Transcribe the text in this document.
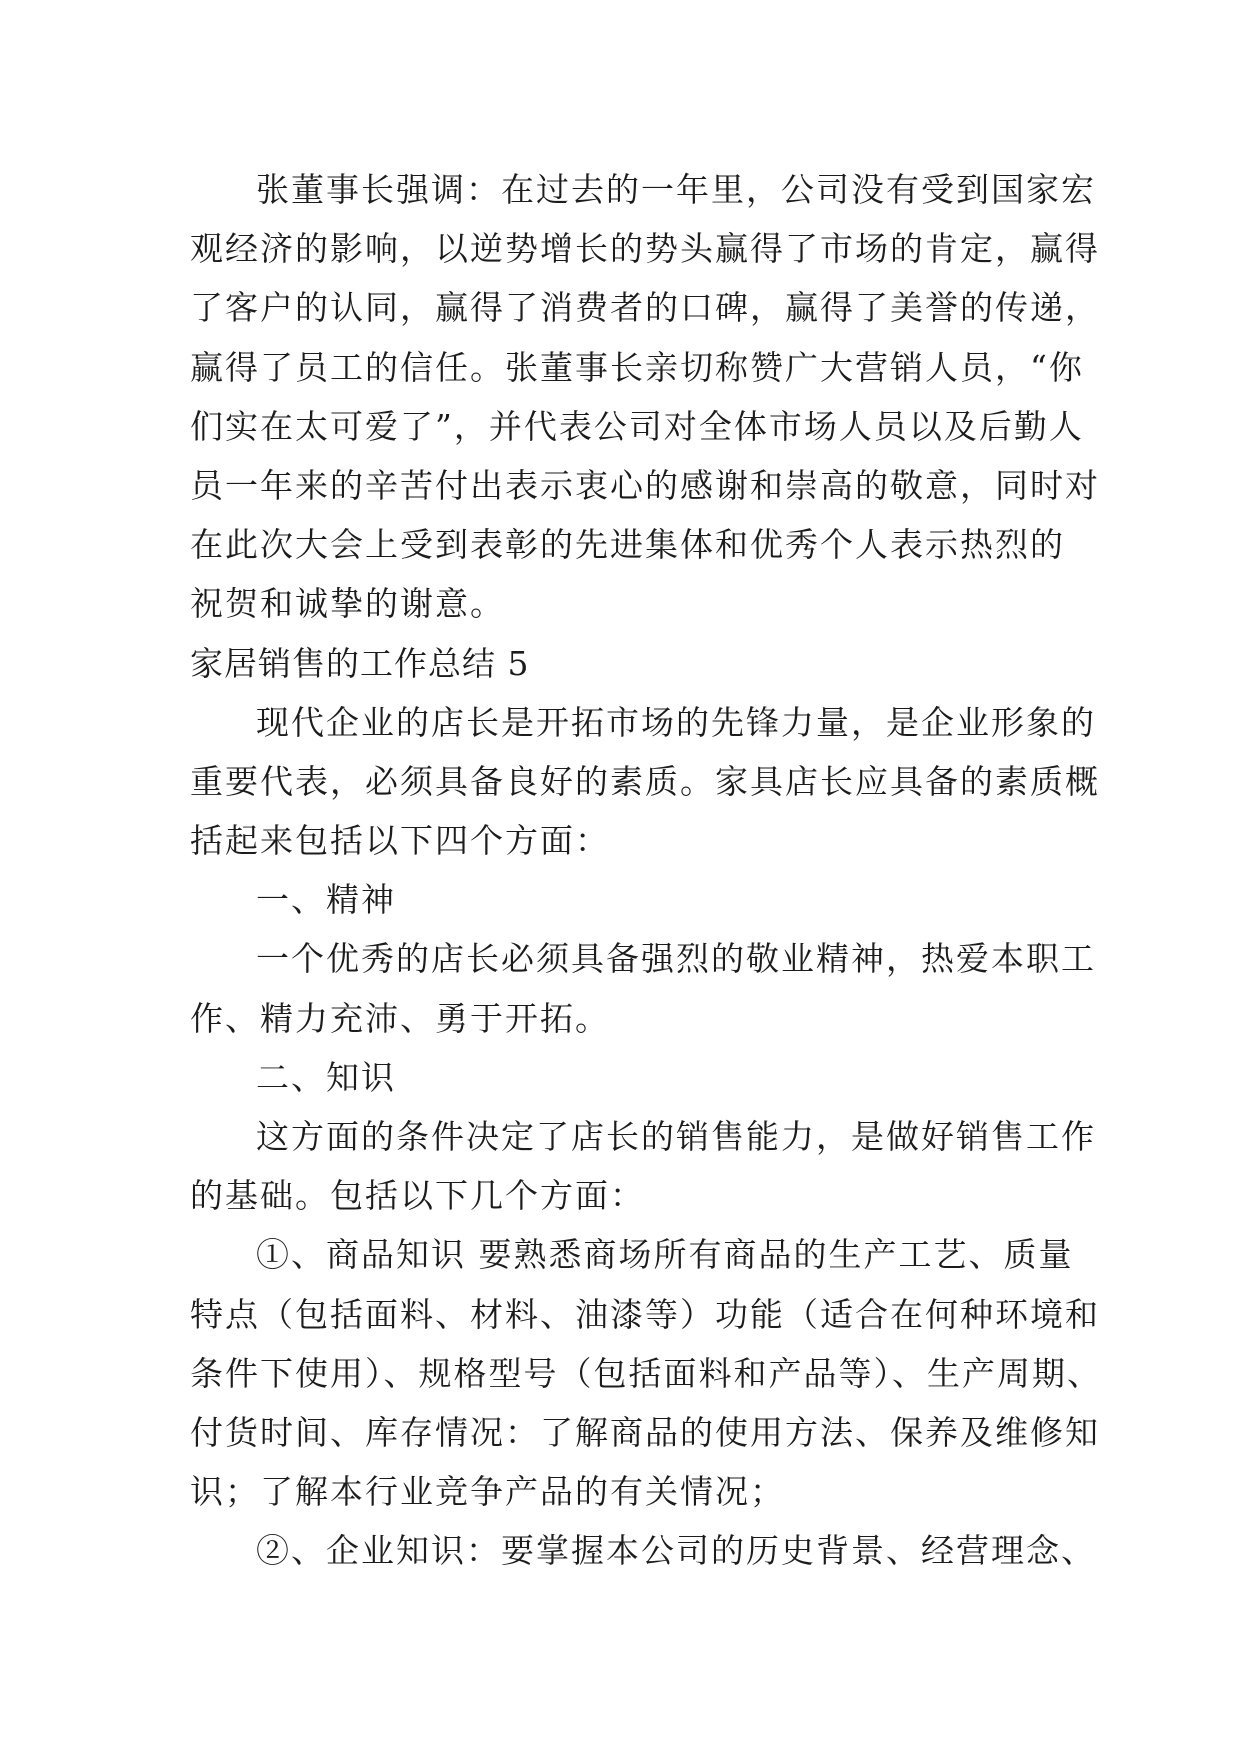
张董事长强调：在过去的一年里，公司没有受到国家宏
观经济的影响，以逆势增长的势头赢得了市场的肯定，赢得
了客户的认同，赢得了消费者的口碑，赢得了美誉的传递，
赢得了员工的信任。张董事长亲切称赞广大营销人员，“你
们实在太可爱了”，并代表公司对全体市场人员以及后勤人
员一年来的辛苦付出表示衷心的感谢和崇高的敬意，同时对
在此次大会上受到表彰的先进集体和优秀个人表示热烈的
祝贺和诚挚的谢意。
家居销售的工作总结 5
现代企业的店长是开拓市场的先锋力量，是企业形象的
重要代表，必须具备良好的素质。家具店长应具备的素质概
括起来包括以下四个方面：
一、精神
一个优秀的店长必须具备强烈的敬业精神，热爱本职工
作、精力充沛、勇于开拓。
二、知识
这方面的条件决定了店长的销售能力，是做好销售工作
的基础。包括以下几个方面：
①、商品知识 要熟悉商场所有商品的生产工艺、质量
特点（包括面料、材料、油漆等）功能（适合在何种环境和
条件下使用）、规格型号（包括面料和产品等）、生产周期、
付货时间、库存情况：了解商品的使用方法、保养及维修知
识；了解本行业竞争产品的有关情况；
②、企业知识：要掌握本公司的历史背景、经营理念、
